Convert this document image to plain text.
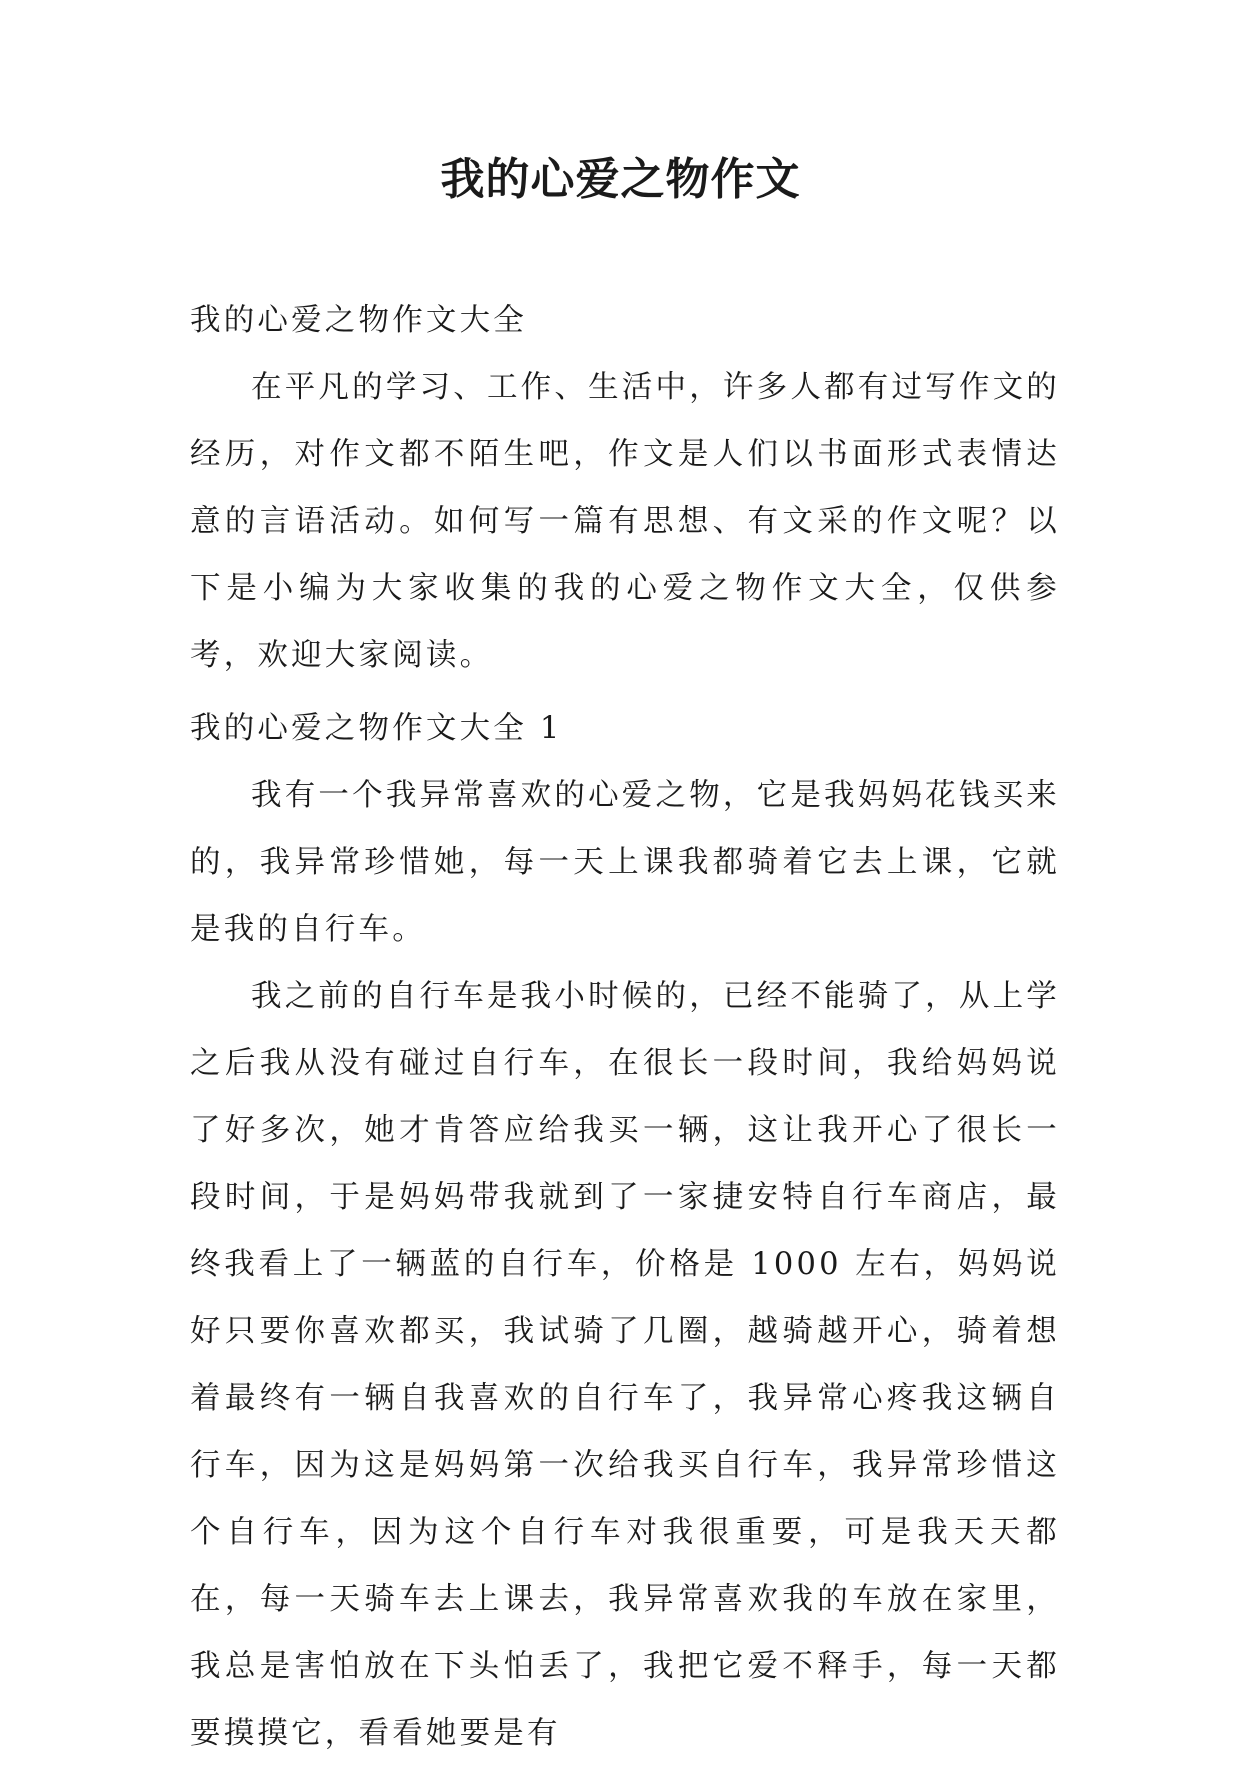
我的心爱之物作文

我的心爱之物作文大全

在平凡的学习、工作、生活中，许多人都有过写作文的经历，对作文都不陌生吧，作文是人们以书面形式表情达意的言语活动。如何写一篇有思想、有文采的作文呢？以下是小编为大家收集的我的心爱之物作文大全，仅供参考，欢迎大家阅读。

我的心爱之物作文大全 1

我有一个我异常喜欢的心爱之物，它是我妈妈花钱买来的，我异常珍惜她，每一天上课我都骑着它去上课，它就是我的自行车。

我之前的自行车是我小时候的，已经不能骑了，从上学之后我从没有碰过自行车，在很长一段时间，我给妈妈说了好多次，她才肯答应给我买一辆，这让我开心了很长一段时间，于是妈妈带我就到了一家捷安特自行车商店，最终我看上了一辆蓝的自行车，价格是 1000 左右，妈妈说好只要你喜欢都买，我试骑了几圈，越骑越开心，骑着想着最终有一辆自我喜欢的自行车了，我异常心疼我这辆自行车，因为这是妈妈第一次给我买自行车，我异常珍惜这个自行车，因为这个自行车对我很重要，可是我天天都在，每一天骑车去上课去，我异常喜欢我的车放在家里，我总是害怕放在下头怕丢了，我把它爱不释手，每一天都要摸摸它，看看她要是有
